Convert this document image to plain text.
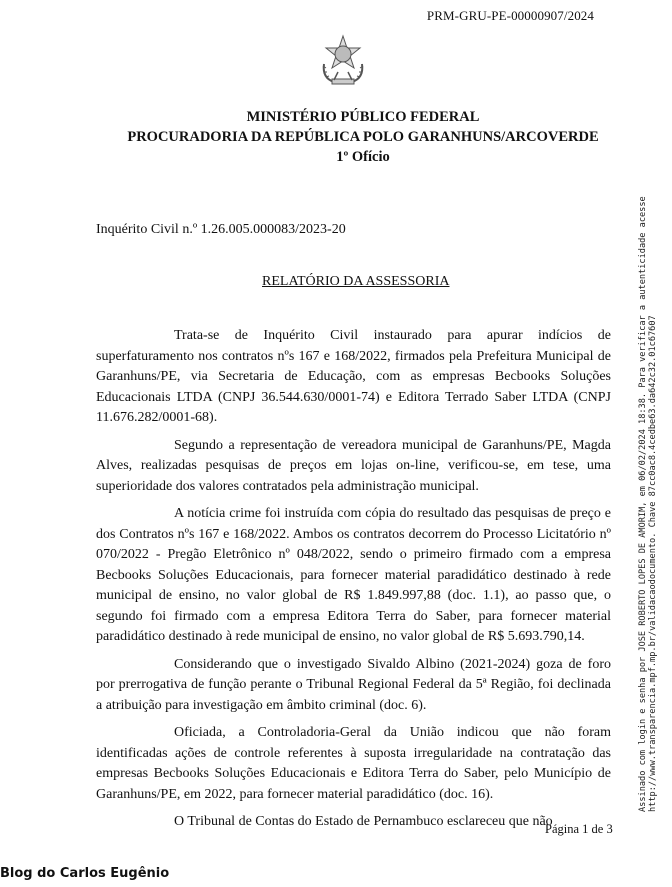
PRM-GRU-PE-00000907/2024
MINISTÉRIO PÚBLICO FEDERAL
PROCURADORIA DA REPÚBLICA POLO GARANHUNS/ARCOVERDE
1º Ofício
Inquérito Civil n.º 1.26.005.000083/2023-20
RELATÓRIO DA ASSESSORIA

Trata-se de Inquérito Civil instaurado para apurar indícios de superfaturamento nos contratos nºs 167 e 168/2022, firmados pela Prefeitura Municipal de Garanhuns/PE, via Secretaria de Educação, com as empresas Becbooks Soluções Educacionais LTDA (CNPJ 36.544.630/0001-74) e Editora Terrado Saber LTDA (CNPJ 11.676.282/0001-68).

Segundo a representação de vereadora municipal de Garanhuns/PE, Magda Alves, realizadas pesquisas de preços em lojas on-line, verificou-se, em tese, uma superioridade dos valores contratados pela administração municipal.

A notícia crime foi instruída com cópia do resultado das pesquisas de preço e dos Contratos nºs 167 e 168/2022. Ambos os contratos decorrem do Processo Licitatório nº 070/2022 - Pregão Eletrônico nº 048/2022, sendo o primeiro firmado com a empresa Becbooks Soluções Educacionais, para fornecer material paradidático destinado à rede municipal de ensino, no valor global de R$ 1.849.997,88 (doc. 1.1), ao passo que, o segundo foi firmado com a empresa Editora Terra do Saber, para fornecer material paradidático destinado à rede municipal de ensino, no valor global de R$ 5.693.790,14.

Considerando que o investigado Sivaldo Albino (2021-2024) goza de foro por prerrogativa de função perante o Tribunal Regional Federal da 5ª Região, foi declinada a atribuição para investigação em âmbito criminal (doc. 6).

Oficiada, a Controladoria-Geral da União indicou que não foram identificadas ações de controle referentes à suposta irregularidade na contratação das empresas Becbooks Soluções Educacionais e Editora Terra do Saber, pelo Município de Garanhuns/PE, em 2022, para fornecer material paradidático (doc. 16).

O Tribunal de Contas do Estado de Pernambuco esclareceu que não

Página 1 de 3
Assinado com login e senha por JOSE ROBERTO LOPES DE AMORIM, em 06/02/2024 18:38. Para verificar a autenticidade acesse http://www.transparencia.mpf.mp.br/validacaodocumento. Chave 87cc0ac8.4cedbe63.da642c32.01c67607
Blog do Carlos Eugênio
